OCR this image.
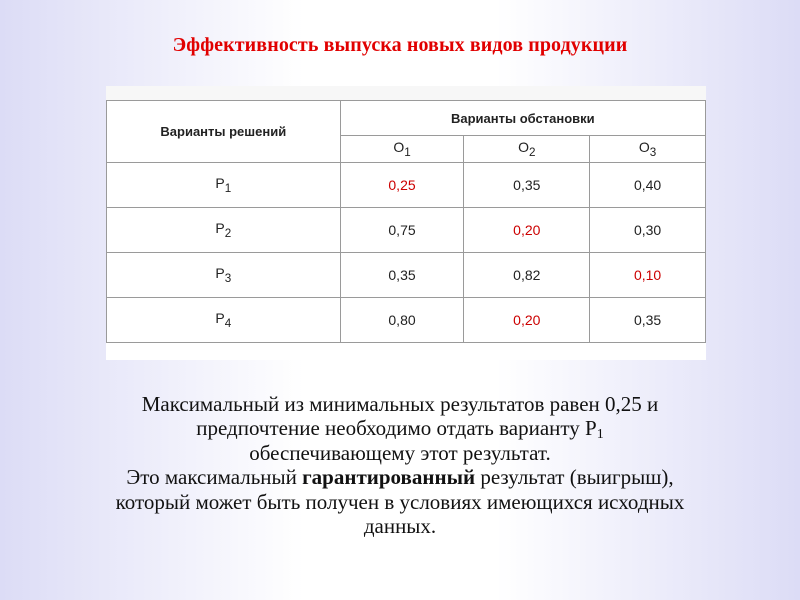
Эффективность выпуска новых видов продукции
Варианты решений	Варианты обстановки		
	$O_1$	$O_2$	$O_3$
$P_1$	0,25	0,35	0,40
$P_2$	0,75	0,20	0,30
$P_3$	0,35	0,82	0,10
$P_4$	0,80	0,20	0,35
Максимальный из минимальных результатов равен 0,25 и
предпочтение необходимо отдать варианту $Р_1$
обеспечивающему этот результат.
Это максимальный гарантированный результат (выигрыш),
который может быть получен в условиях имеющихся исходных
данных.
